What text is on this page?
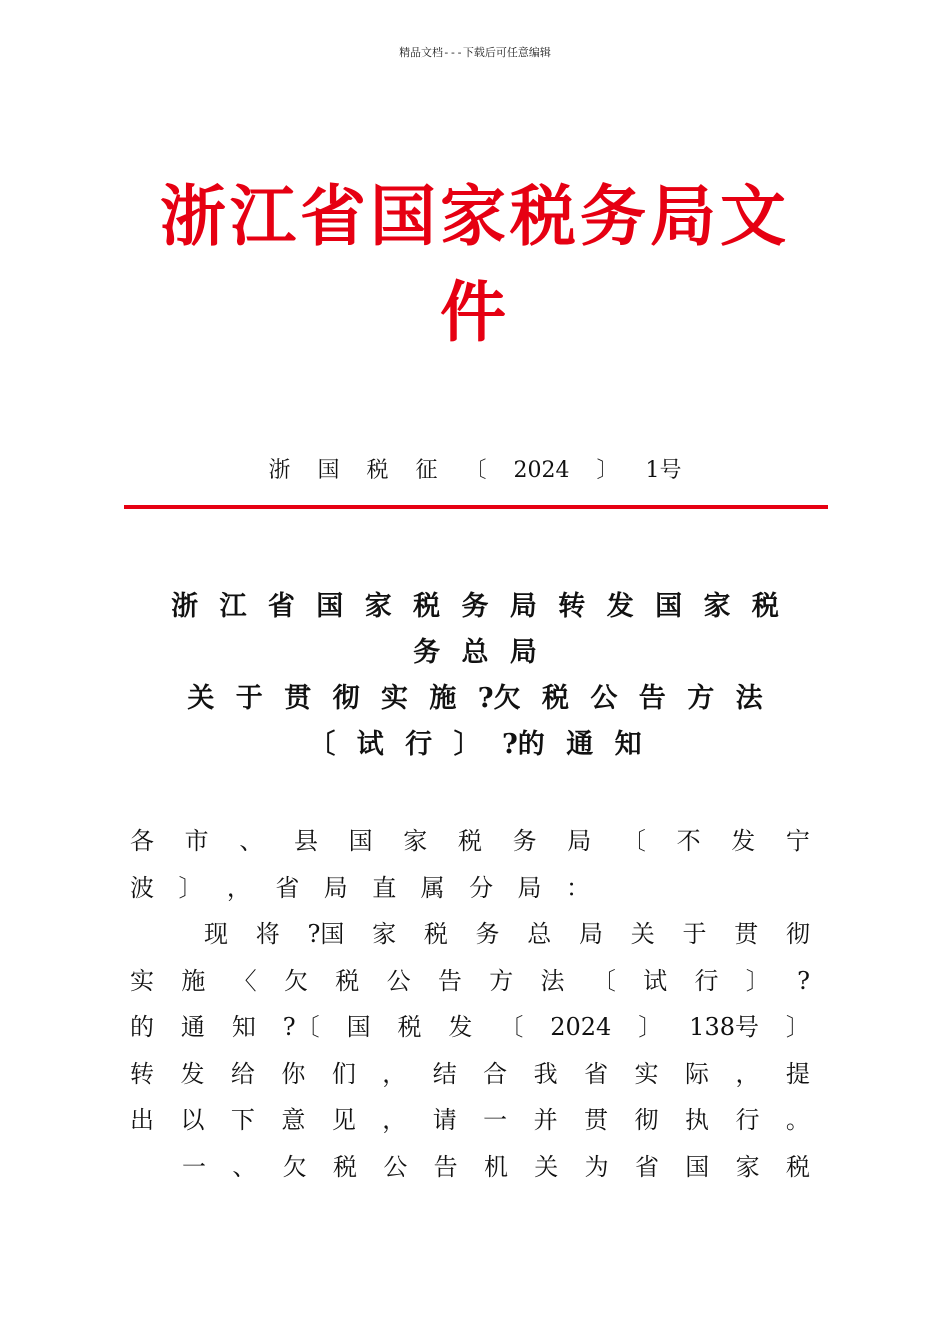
精品文档---下载后可任意编辑
浙江省国家税务局文
件
浙 国 税 征 〔 2024 〕 1号
浙 江 省 国 家 税 务 局 转 发 国 家 税
务 总 局
关 于 贯 彻 实 施 ?欠 税 公 告 方 法
〔 试 行 〕 ?的 通 知
各 市 、 县 国 家 税 务 局 〔 不 发 宁
波 〕 ， 省 局 直 属 分 局 ：
现 将 ?国 家 税 务 总 局 关 于 贯 彻
实 施 〈 欠 税 公 告 方 法 〔 试 行 〕 ?
的 通 知 ?〔 国 税 发 〔 2024 〕 138号 〕
转 发 给 你 们 ， 结 合 我 省 实 际 ， 提
出 以 下 意 见 ， 请 一 并 贯 彻 执 行 。
一 、 欠 税 公 告 机 关 为 省 国 家 税
